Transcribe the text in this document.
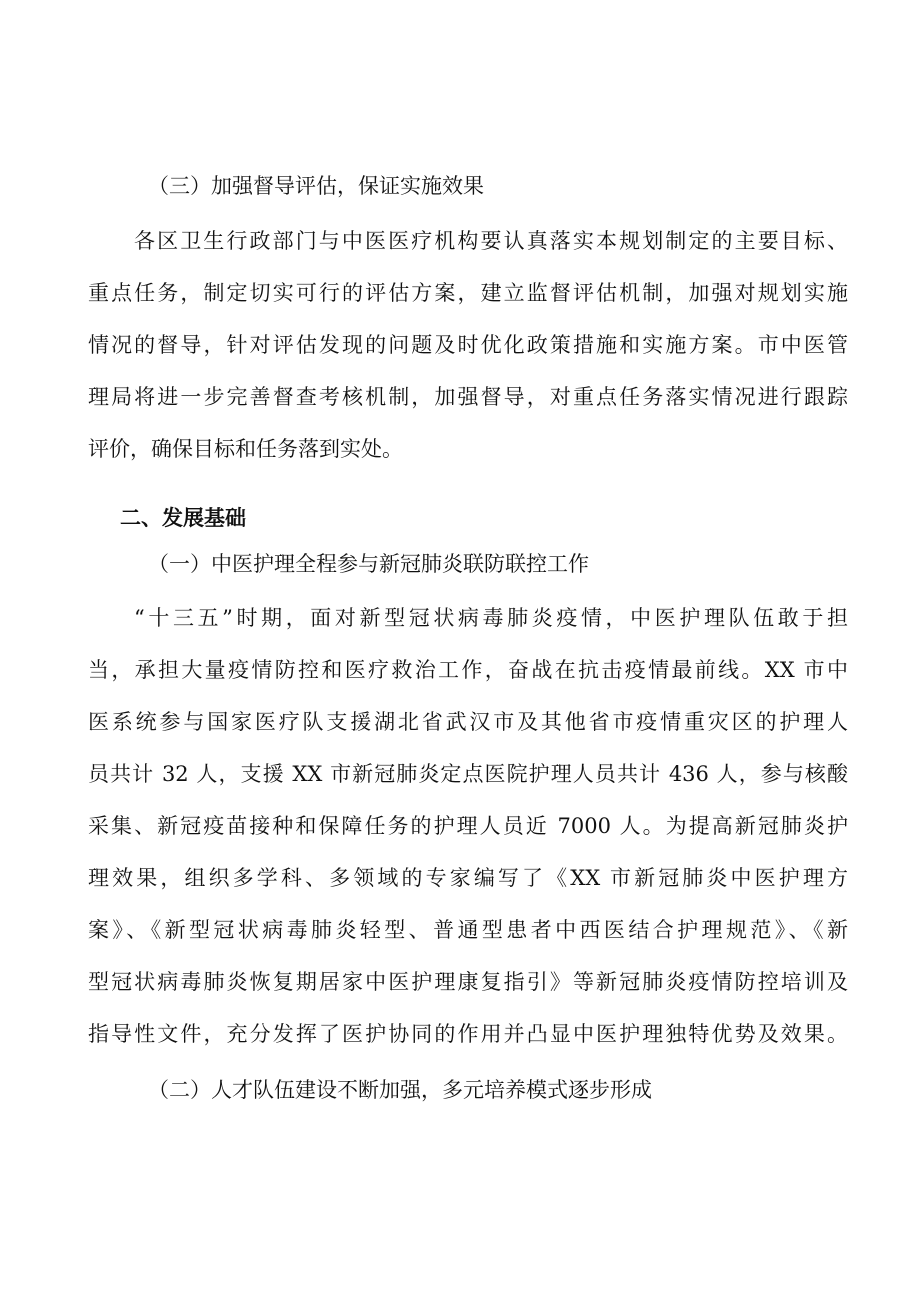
（三）加强督导评估，保证实施效果
各区卫生行政部门与中医医疗机构要认真落实本规划制定的主要目标、
重点任务，制定切实可行的评估方案，建立监督评估机制，加强对规划实施
情况的督导，针对评估发现的问题及时优化政策措施和实施方案。市中医管
理局将进一步完善督查考核机制，加强督导，对重点任务落实情况进行跟踪
评价，确保目标和任务落到实处。
二、发展基础
（一）中医护理全程参与新冠肺炎联防联控工作
“十三五”时期，面对新型冠状病毒肺炎疫情，中医护理队伍敢于担
当，承担大量疫情防控和医疗救治工作，奋战在抗击疫情最前线。XX 市中
医系统参与国家医疗队支援湖北省武汉市及其他省市疫情重灾区的护理人
员共计 32 人，支援 XX 市新冠肺炎定点医院护理人员共计 436 人，参与核酸
采集、新冠疫苗接种和保障任务的护理人员近 7000 人。为提高新冠肺炎护
理效果，组织多学科、多领域的专家编写了《XX 市新冠肺炎中医护理方
案》、《新型冠状病毒肺炎轻型、普通型患者中西医结合护理规范》、《新
型冠状病毒肺炎恢复期居家中医护理康复指引》等新冠肺炎疫情防控培训及
指导性文件，充分发挥了医护协同的作用并凸显中医护理独特优势及效果。
（二）人才队伍建设不断加强，多元培养模式逐步形成
